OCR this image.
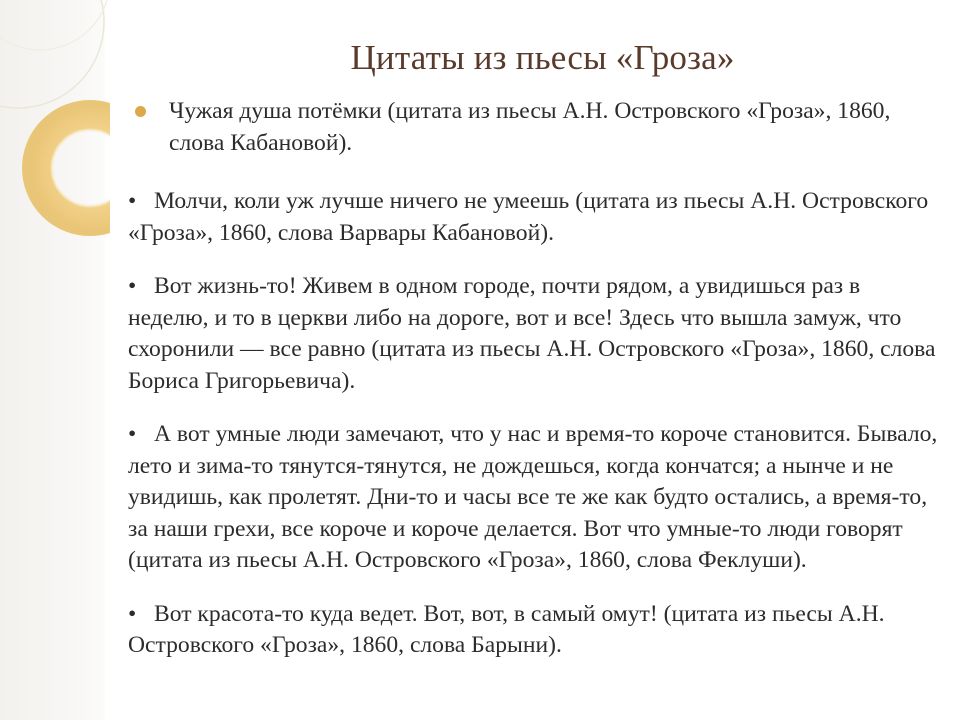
Цитаты из пьесы «Гроза»
Чужая душа потёмки (цитата из пьесы А.Н. Островского «Гроза», 1860, слова Кабановой).
• Молчи, коли уж лучше ничего не умеешь (цитата из пьесы А.Н. Островского «Гроза», 1860, слова Варвары Кабановой).
• Вот жизнь-то! Живем в одном городе, почти рядом, а увидишься раз в неделю, и то в церкви либо на дороге, вот и все! Здесь что вышла замуж, что схоронили — все равно (цитата из пьесы А.Н. Островского «Гроза», 1860, слова Бориса Григорьевича).
• А вот умные люди замечают, что у нас и время-то короче становится. Бывало, лето и зима-то тянутся-тянутся, не дождешься, когда кончатся; а нынче и не увидишь, как пролетят. Дни-то и часы все те же как будто остались, а время-то, за наши грехи, все короче и короче делается. Вот что умные-то люди говорят (цитата из пьесы А.Н. Островского «Гроза», 1860, слова Феклуши).
• Вот красота-то куда ведет. Вот, вот, в самый омут! (цитата из пьесы А.Н. Островского «Гроза», 1860, слова Барыни).
